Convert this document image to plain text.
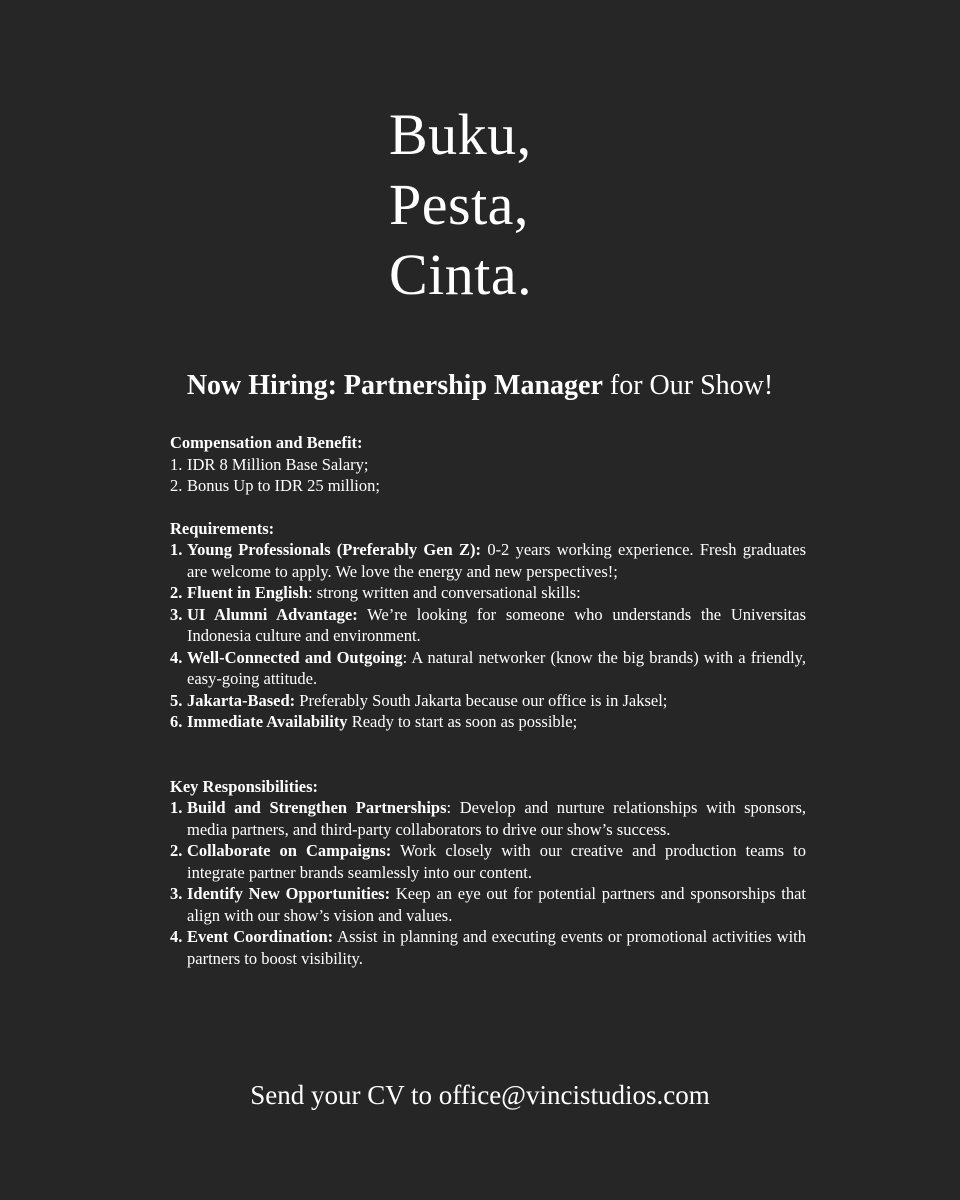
Buku,
Pesta,
Cinta.
Now Hiring: Partnership Manager for Our Show!

Compensation and Benefit:

1. IDR 8 Million Base Salary;
2. Bonus Up to IDR 25 million;

Requirements:

1. Young Professionals (Preferably Gen Z): 0-2 years working experience. Fresh graduates are welcome to apply. We love the energy and new perspectives!;
2. Fluent in English: strong written and conversational skills:
3. UI Alumni Advantage: We’re looking for someone who understands the Universitas Indonesia culture and environment.
4. Well-Connected and Outgoing: A natural networker (know the big brands) with a friendly, easy-going attitude.
5. Jakarta-Based: Preferably South Jakarta because our office is in Jaksel;
6. Immediate Availability Ready to start as soon as possible;

Key Responsibilities:

1. Build and Strengthen Partnerships: Develop and nurture relationships with sponsors, media partners, and third-party collaborators to drive our show’s success.
2. Collaborate on Campaigns: Work closely with our creative and production teams to integrate partner brands seamlessly into our content.
3. Identify New Opportunities: Keep an eye out for potential partners and sponsorships that align with our show’s vision and values.
4. Event Coordination: Assist in planning and executing events or promotional activities with partners to boost visibility.
Send your CV to office@vincistudios.com
